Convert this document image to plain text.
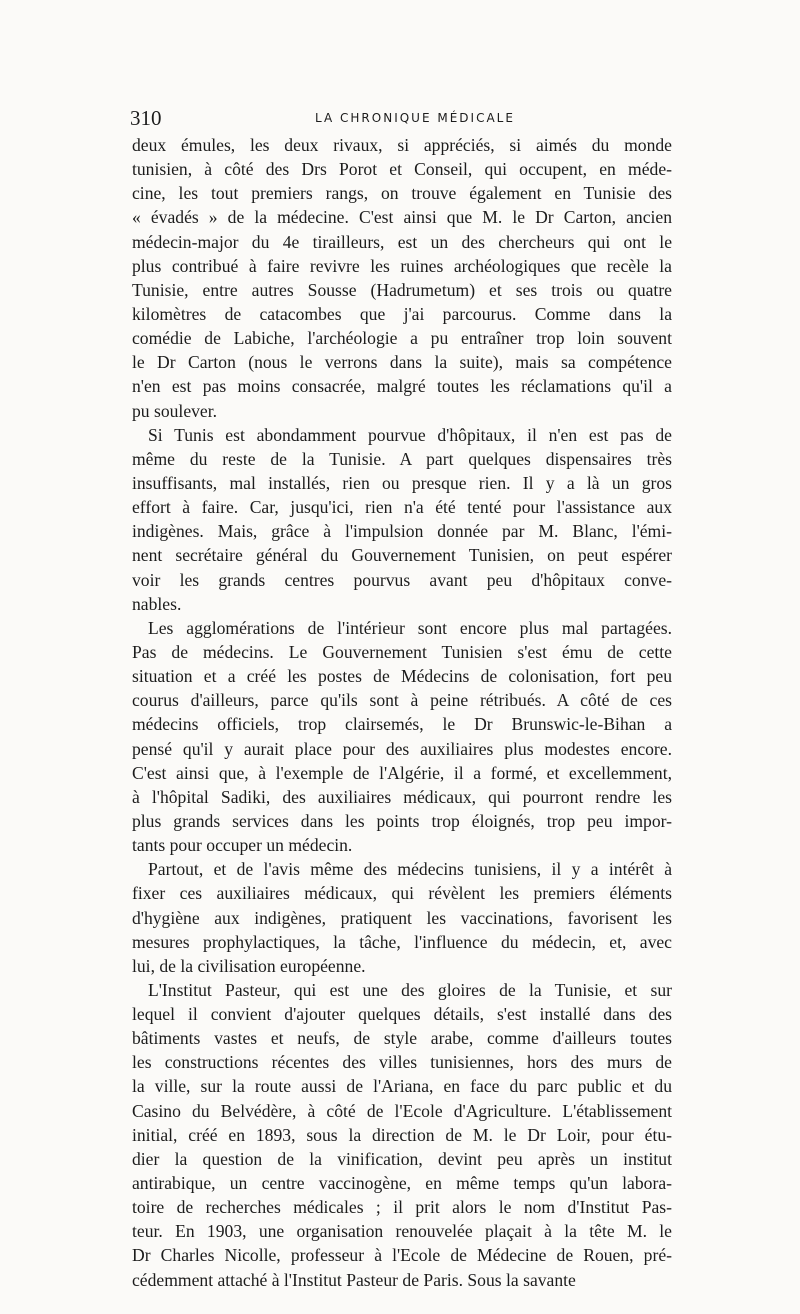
310	LA CHRONIQUE MÉDICALE
deux émules, les deux rivaux, si appréciés, si aimés du monde
tunisien, à côté des Drs Porot et Conseil, qui occupent, en méde-
cine, les tout premiers rangs, on trouve également en Tunisie des
« évadés » de la médecine. C'est ainsi que M. le Dr Carton, ancien
médecin-major du 4e tirailleurs, est un des chercheurs qui ont le
plus contribué à faire revivre les ruines archéologiques que recèle la
Tunisie, entre autres Sousse (Hadrumetum) et ses trois ou quatre
kilomètres de catacombes que j'ai parcourus. Comme dans la
comédie de Labiche, l'archéologie a pu entraîner trop loin souvent
le Dr Carton (nous le verrons dans la suite), mais sa compétence
n'en est pas moins consacrée, malgré toutes les réclamations qu'il a
pu soulever.
Si Tunis est abondamment pourvue d'hôpitaux, il n'en est pas de
même du reste de la Tunisie. A part quelques dispensaires très
insuffisants, mal installés, rien ou presque rien. Il y a là un gros
effort à faire. Car, jusqu'ici, rien n'a été tenté pour l'assistance aux
indigènes. Mais, grâce à l'impulsion donnée par M. Blanc, l'émi-
nent secrétaire général du Gouvernement Tunisien, on peut espérer
voir les grands centres pourvus avant peu d'hôpitaux conve-
nables.
Les agglomérations de l'intérieur sont encore plus mal partagées.
Pas de médecins. Le Gouvernement Tunisien s'est ému de cette
situation et a créé les postes de Médecins de colonisation, fort peu
courus d'ailleurs, parce qu'ils sont à peine rétribués. A côté de ces
médecins officiels, trop clairsemés, le Dr Brunswic-le-Bihan a
pensé qu'il y aurait place pour des auxiliaires plus modestes encore.
C'est ainsi que, à l'exemple de l'Algérie, il a formé, et excellemment,
à l'hôpital Sadiki, des auxiliaires médicaux, qui pourront rendre les
plus grands services dans les points trop éloignés, trop peu impor-
tants pour occuper un médecin.
Partout, et de l'avis même des médecins tunisiens, il y a intérêt à
fixer ces auxiliaires médicaux, qui révèlent les premiers éléments
d'hygiène aux indigènes, pratiquent les vaccinations, favorisent les
mesures prophylactiques, la tâche, l'influence du médecin, et, avec
lui, de la civilisation européenne.
L'Institut Pasteur, qui est une des gloires de la Tunisie, et sur
lequel il convient d'ajouter quelques détails, s'est installé dans des
bâtiments vastes et neufs, de style arabe, comme d'ailleurs toutes
les constructions récentes des villes tunisiennes, hors des murs de
la ville, sur la route aussi de l'Ariana, en face du parc public et du
Casino du Belvédère, à côté de l'Ecole d'Agriculture. L'établissement
initial, créé en 1893, sous la direction de M. le Dr Loir, pour étu-
dier la question de la vinification, devint peu après un institut
antirabique, un centre vaccinogène, en même temps qu'un labora-
toire de recherches médicales ; il prit alors le nom d'Institut Pas-
teur. En 1903, une organisation renouvelée plaçait à la tête M. le
Dr Charles Nicolle, professeur à l'Ecole de Médecine de Rouen, pré-
cédemment attaché à l'Institut Pasteur de Paris. Sous la savante
